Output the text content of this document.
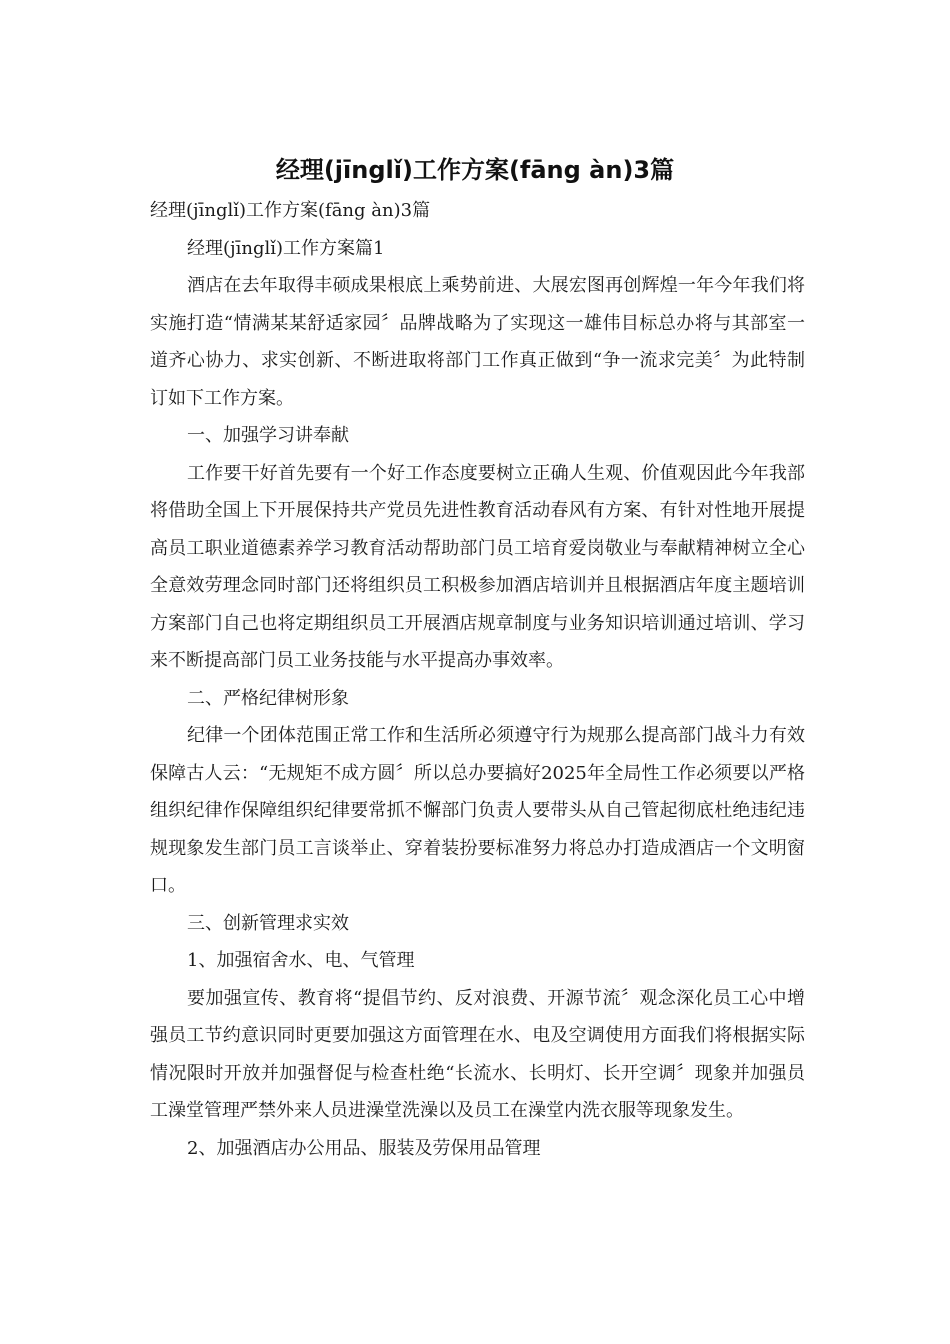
经理(jīnglǐ)工作方案(fāng àn)3篇

经理(jīnglǐ)工作方案(fāng àn)3篇

经理(jīnglǐ)工作方案篇1

酒店在去年取得丰硕成果根底上乘势前进、大展宏图再创辉煌一年今年我们将实施打造“情满某某舒适家园〞品牌战略为了实现这一雄伟目标总办将与其部室一道齐心协力、求实创新、不断进取将部门工作真正做到“争一流求完美〞为此特制订如下工作方案。

一、加强学习讲奉献

工作要干好首先要有一个好工作态度要树立正确人生观、价值观因此今年我部将借助全国上下开展保持共产党员先进性教育活动春风有方案、有针对性地开展提高员工职业道德素养学习教育活动帮助部门员工培育爱岗敬业与奉献精神树立全心全意效劳理念同时部门还将组织员工积极参加酒店培训并且根据酒店年度主题培训方案部门自己也将定期组织员工开展酒店规章制度与业务知识培训通过培训、学习来不断提高部门员工业务技能与水平提高办事效率。

二、严格纪律树形象

纪律一个团体范围正常工作和生活所必须遵守行为规那么提高部门战斗力有效保障古人云：“无规矩不成方圆〞所以总办要搞好2025年全局性工作必须要以严格组织纪律作保障组织纪律要常抓不懈部门负责人要带头从自己管起彻底杜绝违纪违规现象发生部门员工言谈举止、穿着装扮要标准努力将总办打造成酒店一个文明窗口。

三、创新管理求实效

1、加强宿舍水、电、气管理

要加强宣传、教育将“提倡节约、反对浪费、开源节流〞观念深化员工心中增强员工节约意识同时更要加强这方面管理在水、电及空调使用方面我们将根据实际情况限时开放并加强督促与检查杜绝“长流水、长明灯、长开空调〞现象并加强员工澡堂管理严禁外来人员进澡堂洗澡以及员工在澡堂内洗衣服等现象发生。

2、加强酒店办公用品、服装及劳保用品管理
